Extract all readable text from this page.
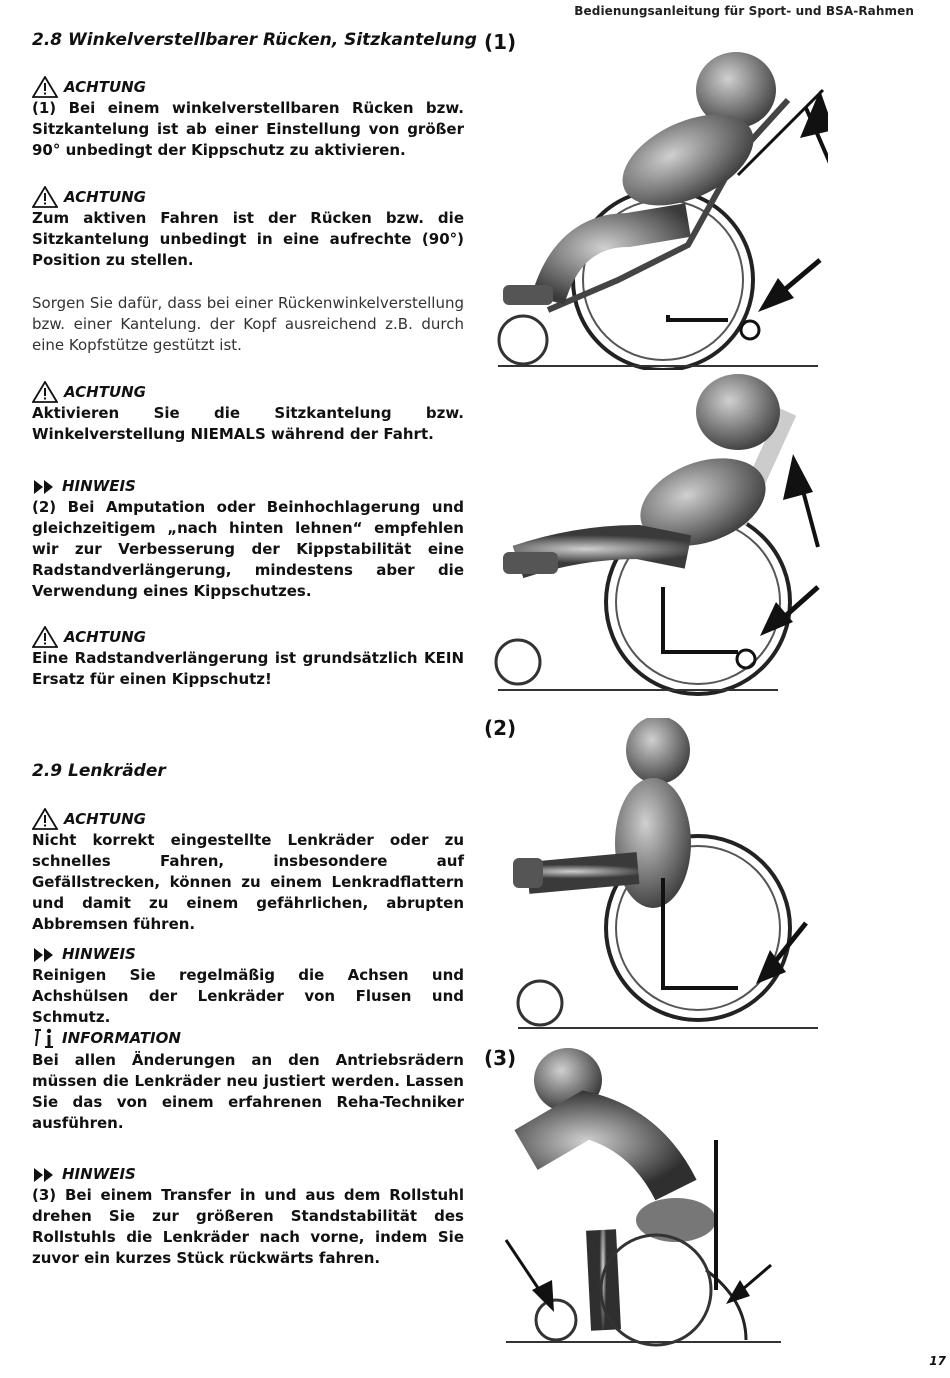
Bedienungsanleitung für Sport- und BSA-Rahmen
2.8 Winkelverstellbarer Rücken, Sitzkantelung
ACHTUNG

(1) Bei einem winkelverstellbaren Rücken bzw. Sitzkantelung ist ab einer Einstellung von größer 90° unbedingt der Kippschutz zu aktivieren.

ACHTUNG

Zum aktiven Fahren ist der Rücken bzw. die Sitzkantelung unbedingt in eine aufrechte (90°) Position zu stellen.

Sorgen Sie dafür, dass bei einer Rückenwinkelverstellung bzw. einer Kantelung. der Kopf ausreichend z.B. durch eine Kopfstütze gestützt ist.

ACHTUNG

Aktivieren Sie die Sitzkantelung bzw. Winkelverstellung NIEMALS während der Fahrt.

HINWEIS

(2) Bei Amputation oder Beinhochlagerung und gleichzeitigem „nach hinten lehnen“ empfehlen wir zur Verbesserung der Kippstabilität eine Radstandverlängerung, mindestens aber die Verwendung eines Kippschutzes.

ACHTUNG

Eine Radstandverlängerung ist grundsätzlich KEIN Ersatz für einen Kippschutz!

2.9 Lenkräder
ACHTUNG

Nicht korrekt eingestellte Lenkräder oder zu schnelles Fahren, insbesondere auf Gefällstrecken, können zu einem Lenkradflattern und damit zu einem gefährlichen, abrupten Abbremsen führen.

HINWEIS

Reinigen Sie regelmäßig die Achsen und Achshülsen der Lenkräder von Flusen und Schmutz.

INFORMATION

Bei allen Änderungen an den Antriebsrädern müssen die Lenkräder neu justiert werden. Lassen Sie das von einem erfahrenen Reha-Techniker ausführen.

HINWEIS

(3) Bei einem Transfer in und aus dem Rollstuhl drehen Sie zur größeren Standstabilität des Rollstuhls die Lenkräder nach vorne, indem Sie zuvor ein kurzes Stück rückwärts fahren.

(1)
(2)
(3)
17
